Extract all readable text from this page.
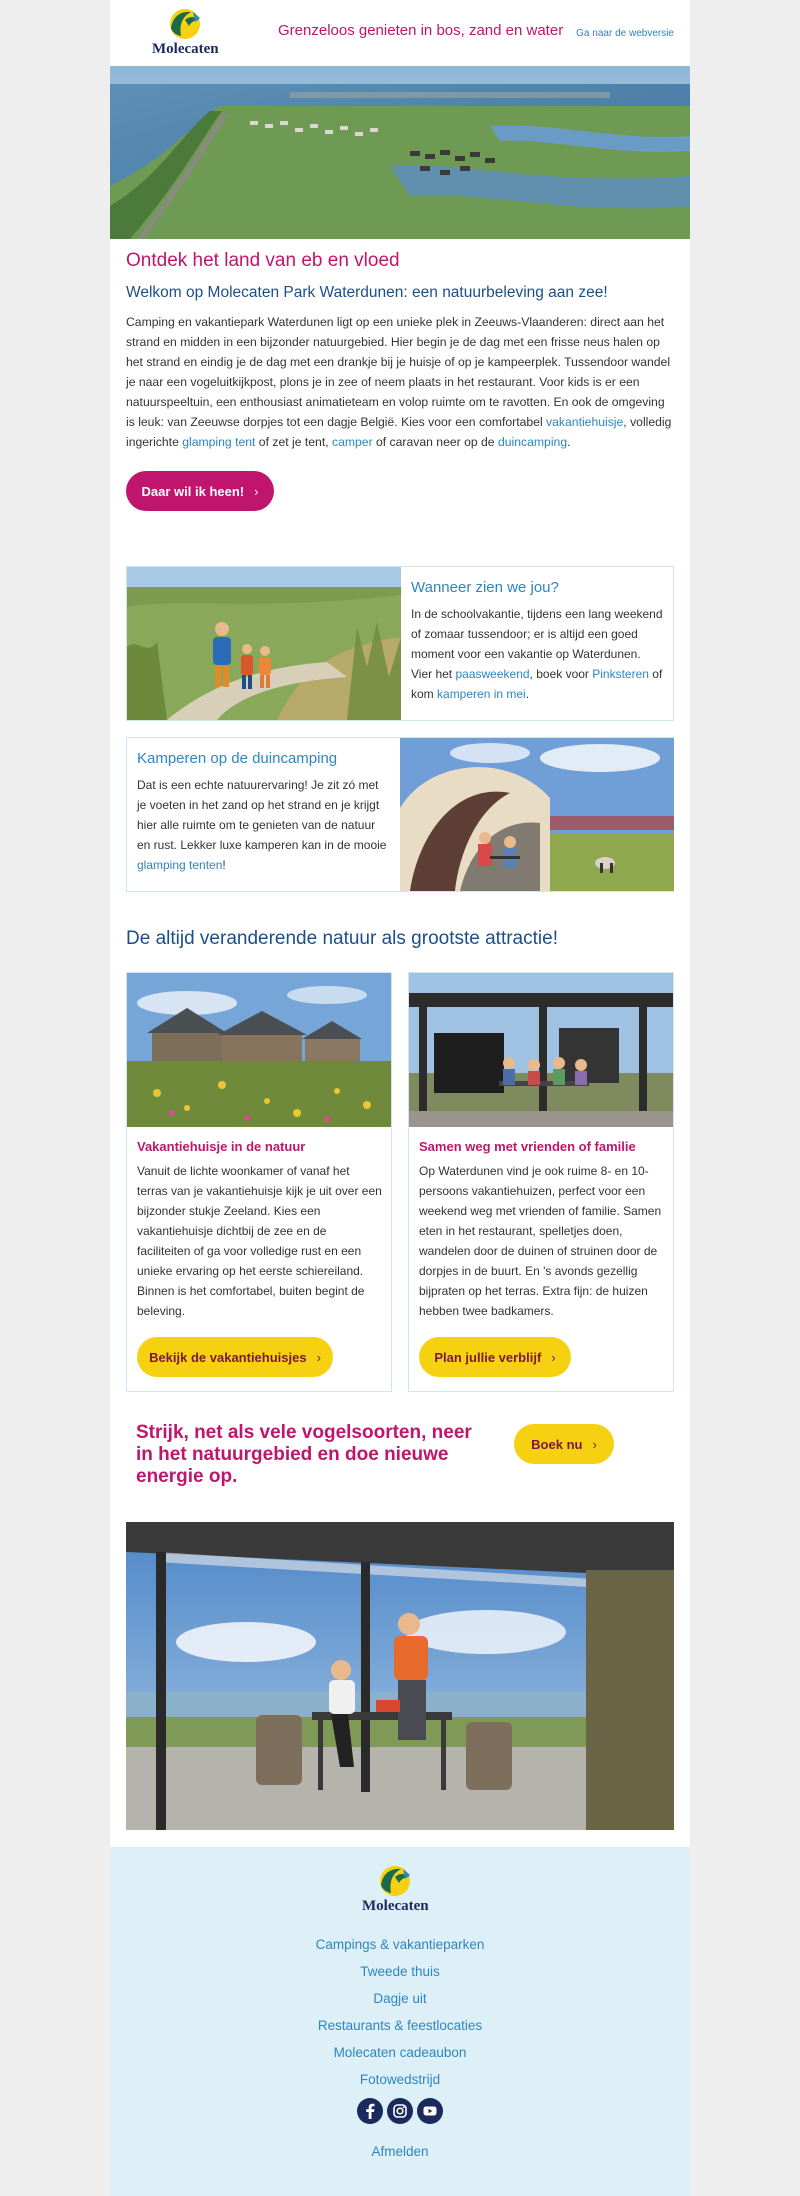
Molecaten
Grenzeloos genieten in bos, zand en water Ga naar de webversie
Ontdek het land van eb en vloed
Welkom op Molecaten Park Waterdunen: een natuurbeleving aan zee!

Camping en vakantiepark Waterdunen ligt op een unieke plek in Zeeuws-Vlaanderen: direct aan het strand en midden in een bijzonder natuurgebied. Hier begin je de dag met een frisse neus halen op het strand en eindig je de dag met een drankje bij je huisje of op je kampeerplek. Tussendoor wandel je naar een vogeluitkijkpost, plons je in zee of neem plaats in het restaurant. Voor kids is er een natuurspeeltuin, een enthousiast animatieteam en volop ruimte om te ravotten. En ook de omgeving is leuk: van Zeeuwse dorpjes tot een dagje België. Kies voor een comfortabel vakantiehuisje, volledig ingerichte glamping tent of zet je tent, camper of caravan neer op de duincamping.

Daar wil ik heen! ›
Wanneer zien we jou?

In de schoolvakantie, tijdens een lang weekend of zomaar tussendoor; er is altijd een goed moment voor een vakantie op Waterdunen. Vier het paasweekend, boek voor Pinksteren of kom kamperen in mei.

Kamperen op de duincamping

Dat is een echte natuurervaring! Je zit zó met je voeten in het zand op het strand en je krijgt hier alle ruimte om te genieten van de natuur en rust. Lekker luxe kamperen kan in de mooie glamping tenten!

De altijd veranderende natuur als grootste attractie!
Vakantiehuisje in de natuur
Vanuit de lichte woonkamer of vanaf het terras van je vakantiehuisje kijk je uit over een bijzonder stukje Zeeland. Kies een vakantiehuisje dichtbij de zee en de faciliteiten of ga voor volledige rust en een unieke ervaring op het eerste schiereiland. Binnen is het comfortabel, buiten begint de beleving.
Bekijk de vakantiehuisjes ›
Samen weg met vrienden of familie
Op Waterdunen vind je ook ruime 8- en 10-persoons vakantiehuizen, perfect voor een weekend weg met vrienden of familie. Samen eten in het restaurant, spelletjes doen, wandelen door de duinen of struinen door de dorpjes in de buurt. En 's avonds gezellig bijpraten op het terras. Extra fijn: de huizen hebben twee badkamers.
Plan jullie verblijf ›
Strijk, net als vele vogelsoorten, neer in het natuurgebied en doe nieuwe energie op.
Boek nu ›
Molecaten
Campings & vakantieparken
Tweede thuis
Dagje uit
Restaurants & feestlocaties
Molecaten cadeaubon
Fotowedstrijd
Afmelden
